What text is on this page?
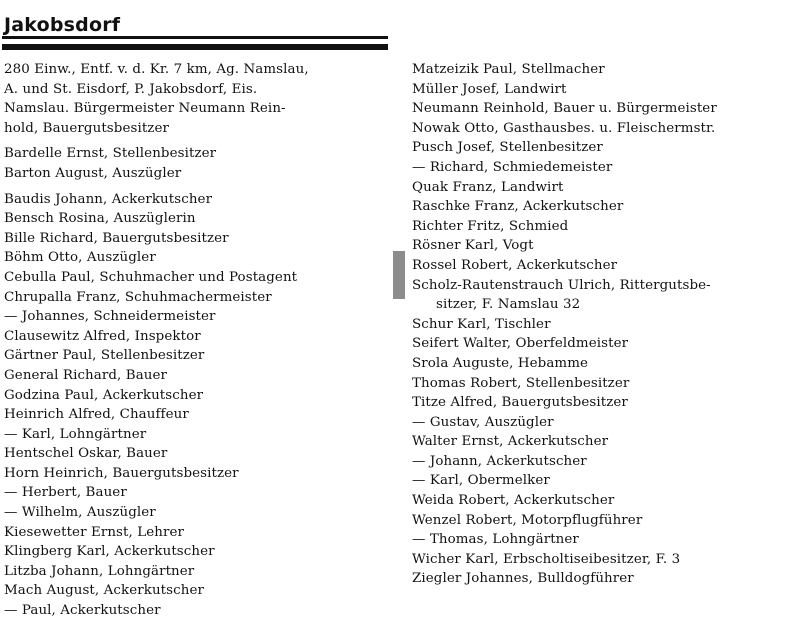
Jakobsdorf
280 Einw., Entf. v. d. Kr. 7 km, Ag. Namslau,
A. und St. Eisdorf, P. Jakobsdorf, Eis.
Namslau. Bürgermeister Neumann Rein-
hold, Bauergutsbesitzer
Bardelle Ernst, Stellenbesitzer
Barton August, Auszügler
Baudis Johann, Ackerkutscher
Bensch Rosina, Auszüglerin
Bille Richard, Bauergutsbesitzer
Böhm Otto, Auszügler
Cebulla Paul, Schuhmacher und Postagent
Chrupalla Franz, Schuhmachermeister
— Johannes, Schneidermeister
Clausewitz Alfred, Inspektor
Gärtner Paul, Stellenbesitzer
General Richard, Bauer
Godzina Paul, Ackerkutscher
Heinrich Alfred, Chauffeur
— Karl, Lohngärtner
Hentschel Oskar, Bauer
Horn Heinrich, Bauergutsbesitzer
— Herbert, Bauer
— Wilhelm, Auszügler
Kiesewetter Ernst, Lehrer
Klingberg Karl, Ackerkutscher
Litzba Johann, Lohngärtner
Mach August, Ackerkutscher
— Paul, Ackerkutscher
Matzeizik Paul, Stellmacher
Müller Josef, Landwirt
Neumann Reinhold, Bauer u. Bürgermeister
Nowak Otto, Gasthausbes. u. Fleischermstr.
Pusch Josef, Stellenbesitzer
— Richard, Schmiedemeister
Quak Franz, Landwirt
Raschke Franz, Ackerkutscher
Richter Fritz, Schmied
Rösner Karl, Vogt
Rossel Robert, Ackerkutscher
Scholz-Rautenstrauch Ulrich, Rittergutsbe-
sitzer, F. Namslau 32
Schur Karl, Tischler
Seifert Walter, Oberfeldmeister
Srola Auguste, Hebamme
Thomas Robert, Stellenbesitzer
Titze Alfred, Bauergutsbesitzer
— Gustav, Auszügler
Walter Ernst, Ackerkutscher
— Johann, Ackerkutscher
— Karl, Obermelker
Weida Robert, Ackerkutscher
Wenzel Robert, Motorpflugführer
— Thomas, Lohngärtner
Wicher Karl, Erbscholtiseibesitzer, F. 3
Ziegler Johannes, Bulldogführer
